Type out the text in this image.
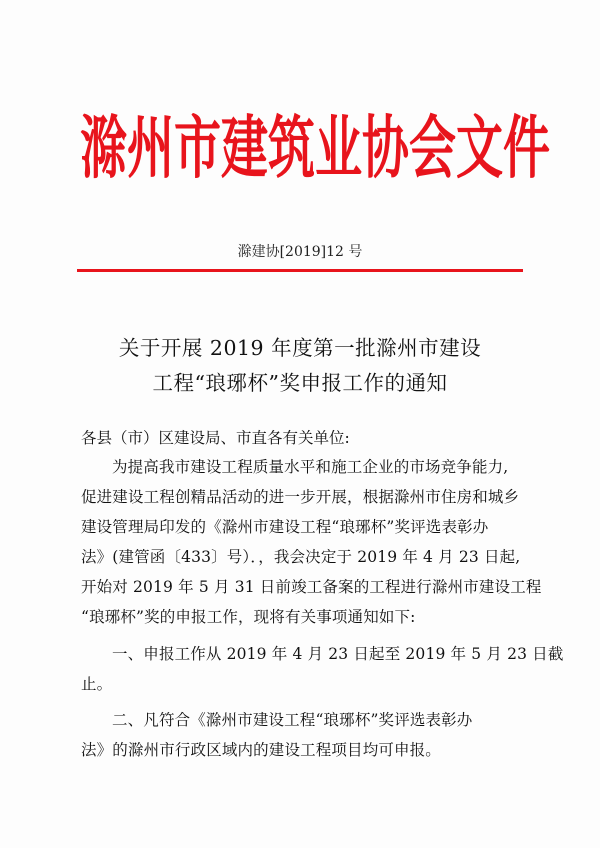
滁州市建筑业协会文件
滁建协[2019]12 号
关于开展 2019 年度第一批滁州市建设
工程“琅琊杯”奖申报工作的通知
各县（市）区建设局、市直各有关单位:
为提高我市建设工程质量水平和施工企业的市场竞争能力,
促进建设工程创精品活动的进一步开展，根据滁州市住房和城乡
建设管理局印发的《滁州市建设工程“琅琊杯”奖评选表彰办
法》(建管函〔433〕号）．，我会决定于 2019 年 4 月 23 日起,
开始对 2019 年 5 月 31 日前竣工备案的工程进行滁州市建设工程
“琅琊杯”奖的申报工作，现将有关事项通知如下:
一、申报工作从 2019 年 4 月 23 日起至 2019 年 5 月 23 日截
止。
二、凡符合《滁州市建设工程“琅琊杯”奖评选表彰办
法》的滁州市行政区域内的建设工程项目均可申报。
